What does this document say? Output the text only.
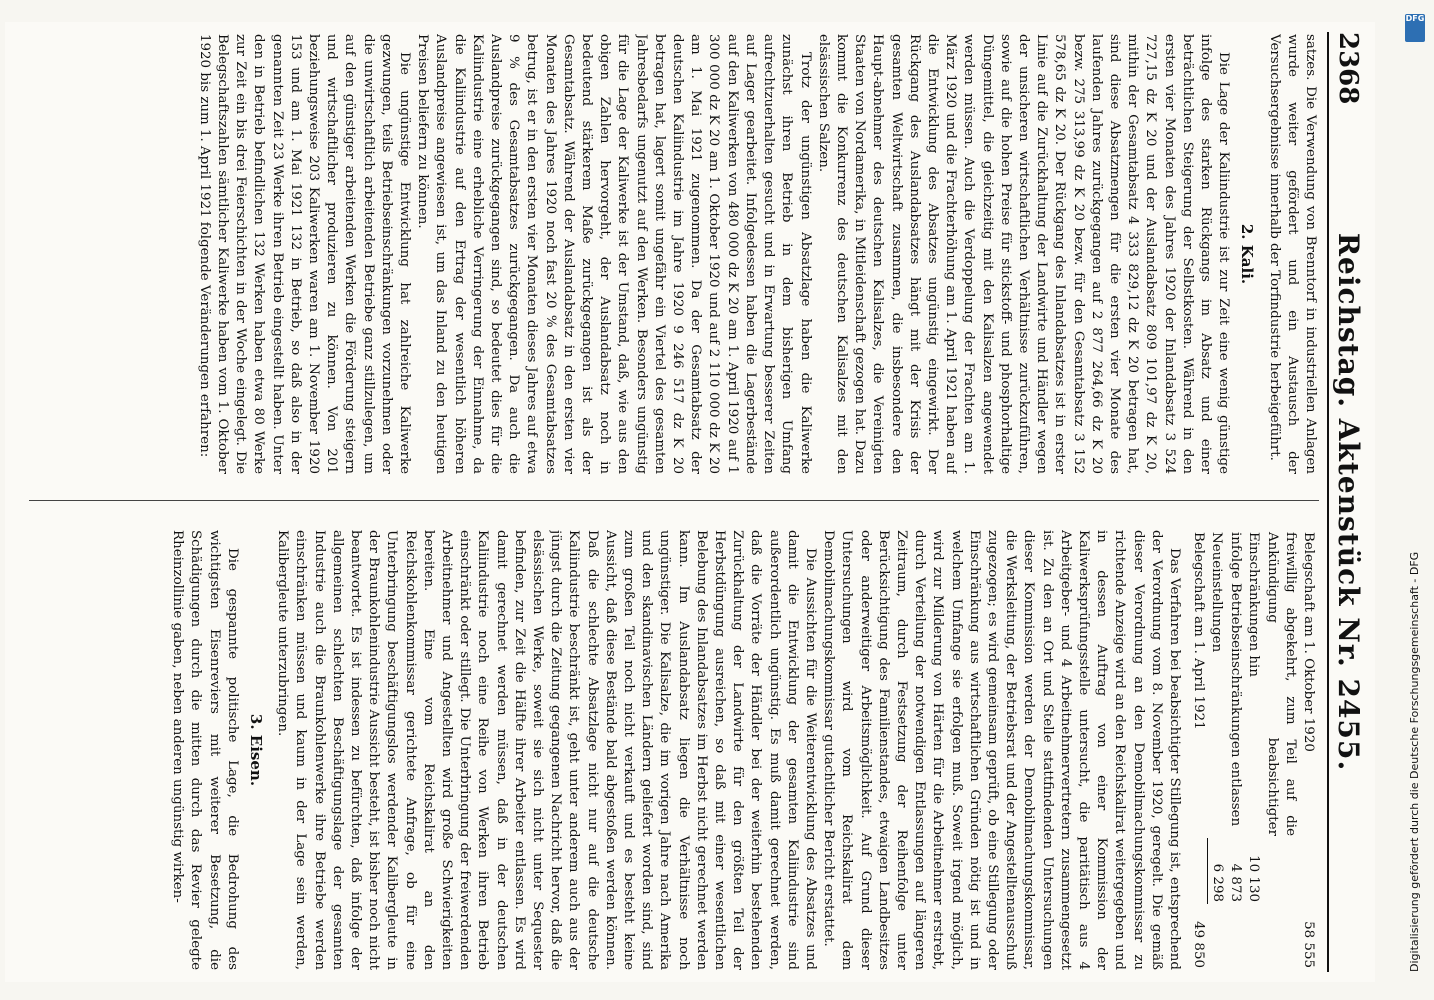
2368
Reichstag. Aktenstück Nr. 2455.

satzes. Die Verwendung von Brenntorf in industriellen Anlagen wurde weiter gefördert und ein Austausch der Versuchsergebnisse innerhalb der Torfindustrie herbeigeführt.

2. Kali.

Die Lage der Kaliindustrie ist zur Zeit eine wenig günstige infolge des starken Rückgangs im Absatz und einer beträchtlichen Steigerung der Selbstkosten. Während in den ersten vier Monaten des Jahres 1920 der Inlandabsatz 3 524 727,15 dz K 20 und der Auslandabsatz 809 101,97 dz K 20, mithin der Gesamtabsatz 4 333 829,12 dz K 20 betragen hat, sind diese Absatzmengen für die ersten vier Monate des laufenden Jahres zurückgegangen auf 2 877 264,66 dz K 20 bezw. 275 313,99 dz K 20 bezw. für den Gesamtabsatz 3 152 578,65 dz K 20. Der Rückgang des Inlandabsatzes ist in erster Linie auf die Zurückhaltung der Landwirte und Händler wegen der unsicheren wirtschaftlichen Verhältnisse zurückzuführen, sowie auf die hohen Preise für stickstoff- und phosphorhaltige Düngemittel, die gleichzeitig mit den Kalisalzen angewendet werden müssen. Auch die Verdoppelung der Frachten am 1. März 1920 und die Frachterhöhung am 1. April 1921 haben auf die Entwicklung des Absatzes ungünstig eingewirkt. Der Rückgang des Auslandabsatzes hängt mit der Krisis der gesamten Weltwirtschaft zusammen, die insbesondere den Haupt-abnehmer des deutschen Kalisalzes, die Vereinigten Staaten von Nordamerika, in Mitleidenschaft gezogen hat. Dazu kommt die Konkurrenz des deutschen Kalisalzes mit den elsässischen Salzen.

Trotz der ungünstigen Absatzlage haben die Kaliwerke zunächst ihren Betrieb in dem bisherigen Umfang aufrechtzuerhalten gesucht und in Erwartung besserer Zeiten auf Lager gearbeitet. Infolgedessen haben die Lagerbestände auf den Kaliwerken von 480 000 dz K 20 am 1. April 1920 auf 1 300 000 dz K 20 am 1. Oktober 1920 und auf 2 110 000 dz K 20 am 1. Mai 1921 zugenommen. Da der Gesamtabsatz der deutschen Kaliindustrie im Jahre 1920 9 246 517 dz K 20 betragen hat, lagert somit ungefähr ein Viertel des gesamten Jahresbedarfs ungenutzt auf den Werken. Besonders ungünstig für die Lage der Kaliwerke ist der Umstand, daß, wie aus den obigen Zahlen hervorgeht, der Auslandabsatz noch in bedeutend stärkerem Maße zurückgegangen ist als der Gesamtabsatz. Während der Auslandabsatz in den ersten vier Monaten des Jahres 1920 noch fast 20 % des Gesamtabsatzes betrug, ist er in den ersten vier Monaten dieses Jahres auf etwa 9 % des Gesamtabsatzes zurückgegangen. Da auch die Auslandpreise zurückgegangen sind, so bedeutet dies für die Kaliindustrie eine erhebliche Verringerung der Einnahme, da die Kaliindustrie auf den Ertrag der wesentlich höheren Auslandpreise angewiesen ist, um das Inland zu den heutigen Preisen beliefern zu können.

Die ungünstige Entwicklung hat zahlreiche Kaliwerke gezwungen, teils Betriebseinschränkungen vorzunehmen oder die unwirtschaftlich arbeitenden Betriebe ganz stillzulegen, um auf den günstiger arbeitenden Werken die Förderung steigern und wirtschaftlicher produzieren zu können. Von 201 beziehungsweise 203 Kaliwerken waren am 1. November 1920 153 und am 1. Mai 1921 132 in Betrieb, so daß also in der genannten Zeit 23 Werke ihren Betrieb eingestellt haben. Unter den in Betrieb befindlichen 132 Werken haben etwa 80 Werke zur Zeit ein bis drei Feierschichten in der Woche eingelegt. Die Belegschaftszahlen sämtlicher Kaliwerke haben vom 1. Oktober 1920 bis zum 1. April 1921 folgende Veränderungen erfahren:

Belegschaft am 1. Oktober 1920		58 555
freiwillig abgekehrt, zum Teil auf die Ankündigung beabsichtigter Einschränkungen hin	10 130	
infolge Betriebseinschränkungen entlassen	4 873	
Neueinstellungen	6 298	
Belegschaft am 1. April 1921		49 850

Das Verfahren bei beabsichtigter Stillegung ist, entsprechend der Verordnung vom 8. November 1920, geregelt. Die gemäß dieser Verordnung an den Demobilmachungskommissar zu richtende Anzeige wird an den Reichskalirat weitergegeben und in dessen Auftrag von einer Kommission der Kaliwerksprüfungsstelle untersucht, die paritätisch aus 4 Arbeitgeber- und 4 Arbeitnehmervertretern zusammengesetzt ist. Zu den an Ort und Stelle stattfindenden Untersuchungen dieser Kommission werden der Demobilmachungskommissar, die Werksleitung, der Betriebsrat und der Angestelltenausschuß zugezogen; es wird gemeinsam geprüft, ob eine Stillegung oder Einschränkung aus wirtschaftlichen Gründen nötig ist und in welchem Umfange sie erfolgen muß. Soweit irgend möglich, wird zur Milderung von Härten für die Arbeitnehmer erstrebt, durch Verteilung der notwendigen Entlassungen auf längeren Zeitraum, durch Festsetzung der Reihenfolge unter Berücksichtigung des Familienstandes, etwaigen Landbesitzes oder anderweitiger Arbeitsmöglichkeit. Auf Grund dieser Untersuchungen wird vom Reichskalirat dem Demobilmachungskommissar gutachtlicher Bericht erstattet.

Die Aussichten für die Weiterentwicklung des Absatzes und damit die Entwicklung der gesamten Kaliindustrie sind außerordentlich ungünstig. Es muß damit gerechnet werden, daß die Vorräte der Händler bei der weiterhin bestehenden Zurückhaltung der Landwirte für den größten Teil der Herbstdüngung ausreichen, so daß mit einer wesentlichen Belebung des Inlandabsatzes im Herbst nicht gerechnet werden kann. Im Auslandabsatz liegen die Verhältnisse noch ungünstiger. Die Kalisalze, die im vorigen Jahre nach Amerika und den skandinavischen Ländern geliefert worden sind, sind zum großen Teil noch nicht verkauft und es besteht keine Aussicht, daß diese Bestände bald abgestoßen werden können. Daß die schlechte Absatzlage nicht nur auf die deutsche Kaliindustrie beschränkt ist, geht unter anderem auch aus der jüngst durch die Zeitung gegangenen Nachricht hervor, daß die elsässischen Werke, soweit sie sich nicht unter Sequester befinden, zur Zeit die Hälfte ihrer Arbeiter entlassen. Es wird damit gerechnet werden müssen, daß in der deutschen Kaliindustrie noch eine Reihe von Werken ihren Betrieb einschränkt oder stillegt. Die Unterbringung der freiwerdenden Arbeitnehmer und Angestellten wird große Schwierigkeiten bereiten. Eine vom Reichskalirat an den Reichskohlenkommissar gerichtete Anfrage, ob für eine Unterbringung beschäftigungslos werdender Kalibergleute in der Braunkohlenindustrie Aussicht besteht, ist bisher noch nicht beantwortet. Es ist indessen zu befürchten, daß infolge der allgemeinen schlechten Beschäftigungslage der gesamten Industrie auch die Braunkohlenwerke ihre Betriebe werden einschränken müssen und kaum in der Lage sein werden, Kalibergleute unterzubringen.

3. Eisen.

Die gespannte politische Lage, die Bedrohung des wichtigsten Eisenreviers mit weiterer Besetzung, die Schädigungen durch die mitten durch das Revier gelegte Rheinzollinie gaben, neben anderen ungünstig wirken-

DFG
Digitalisierung gefördert durch die Deutsche Forschungsgemeinschaft - DFG
